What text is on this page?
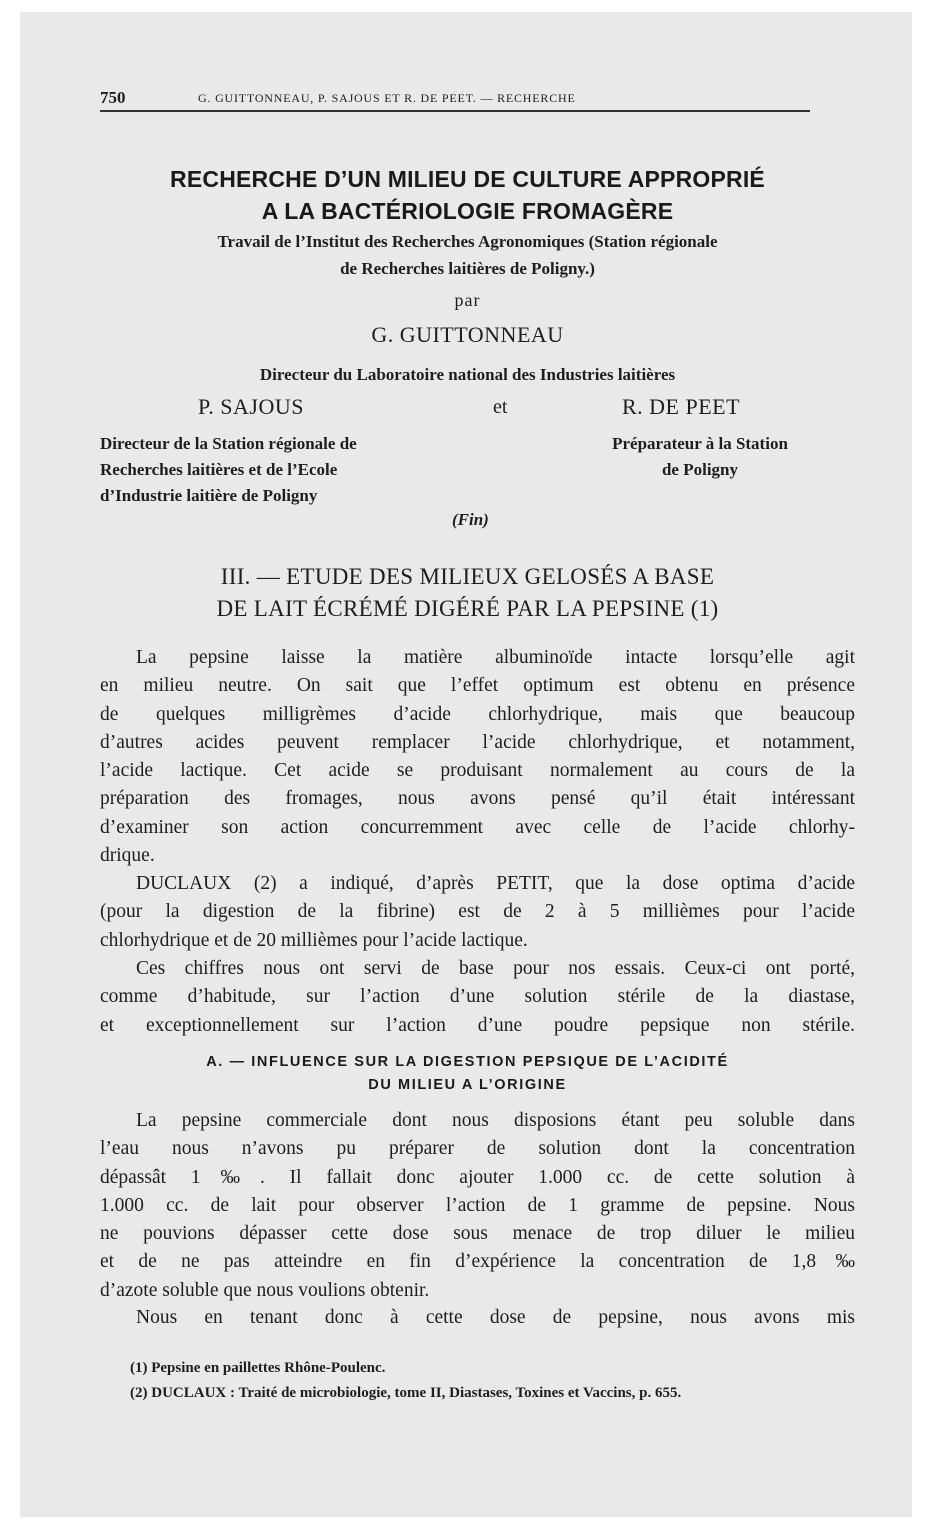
750	G. GUITTONNEAU, P. SAJOUS ET R. DE PEET. — RECHERCHE
RECHERCHE D’UN MILIEU DE CULTURE APPROPRIÉ
A LA BACTÉRIOLOGIE FROMAGÈRE
Travail de l’Institut des Recherches Agronomiques (Station régionale
de Recherches laitières de Poligny.)
par
G. GUITTONNEAU
Directeur du Laboratoire national des Industries laitières
P. SAJOUS	et	R. DE PEET
Directeur de la Station régionale de
Recherches laitières et de l’Ecole
d’Industrie laitière de Poligny
Préparateur à la Station
de Poligny
(Fin)
III. — ETUDE DES MILIEUX GELOSÉS A BASE
DE LAIT ÉCRÉMÉ DIGÉRÉ PAR LA PEPSINE (1)
La pepsine laisse la matière albuminoïde intacte lorsqu’elle agit
en milieu neutre. On sait que l’effet optimum est obtenu en présence
de quelques milligrèmes d’acide chlorhydrique, mais que beaucoup
d’autres acides peuvent remplacer l’acide chlorhydrique, et notamment,
l’acide lactique. Cet acide se produisant normalement au cours de la
préparation des fromages, nous avons pensé qu’il était intéressant
d’examiner son action concurremment avec celle de l’acide chlorhy-
drique.
DUCLAUX (2) a indiqué, d’après PETIT, que la dose optima d’acide
(pour la digestion de la fibrine) est de 2 à 5 millièmes pour l’acide
chlorhydrique et de 20 millièmes pour l’acide lactique.
Ces chiffres nous ont servi de base pour nos essais. Ceux-ci ont porté,
comme d’habitude, sur l’action d’une solution stérile de la diastase,
et exceptionnellement sur l’action d’une poudre pepsique non stérile.
A. — INFLUENCE SUR LA DIGESTION PEPSIQUE DE L’ACIDITÉ
DU MILIEU A L’ORIGINE
La pepsine commerciale dont nous disposions étant peu soluble dans
l’eau nous n’avons pu préparer de solution dont la concentration
dépassât 1‰. Il fallait donc ajouter 1.000 cc. de cette solution à
1.000 cc. de lait pour observer l’action de 1 gramme de pepsine. Nous
ne pouvions dépasser cette dose sous menace de trop diluer le milieu
et de ne pas atteindre en fin d’expérience la concentration de 1,8‰
d’azote soluble que nous voulions obtenir.
Nous en tenant donc à cette dose de pepsine, nous avons mis
(1) Pepsine en paillettes Rhône-Poulenc.
(2) DUCLAUX : Traité de microbiologie, tome II, Diastases, Toxines et Vaccins, p. 655.
